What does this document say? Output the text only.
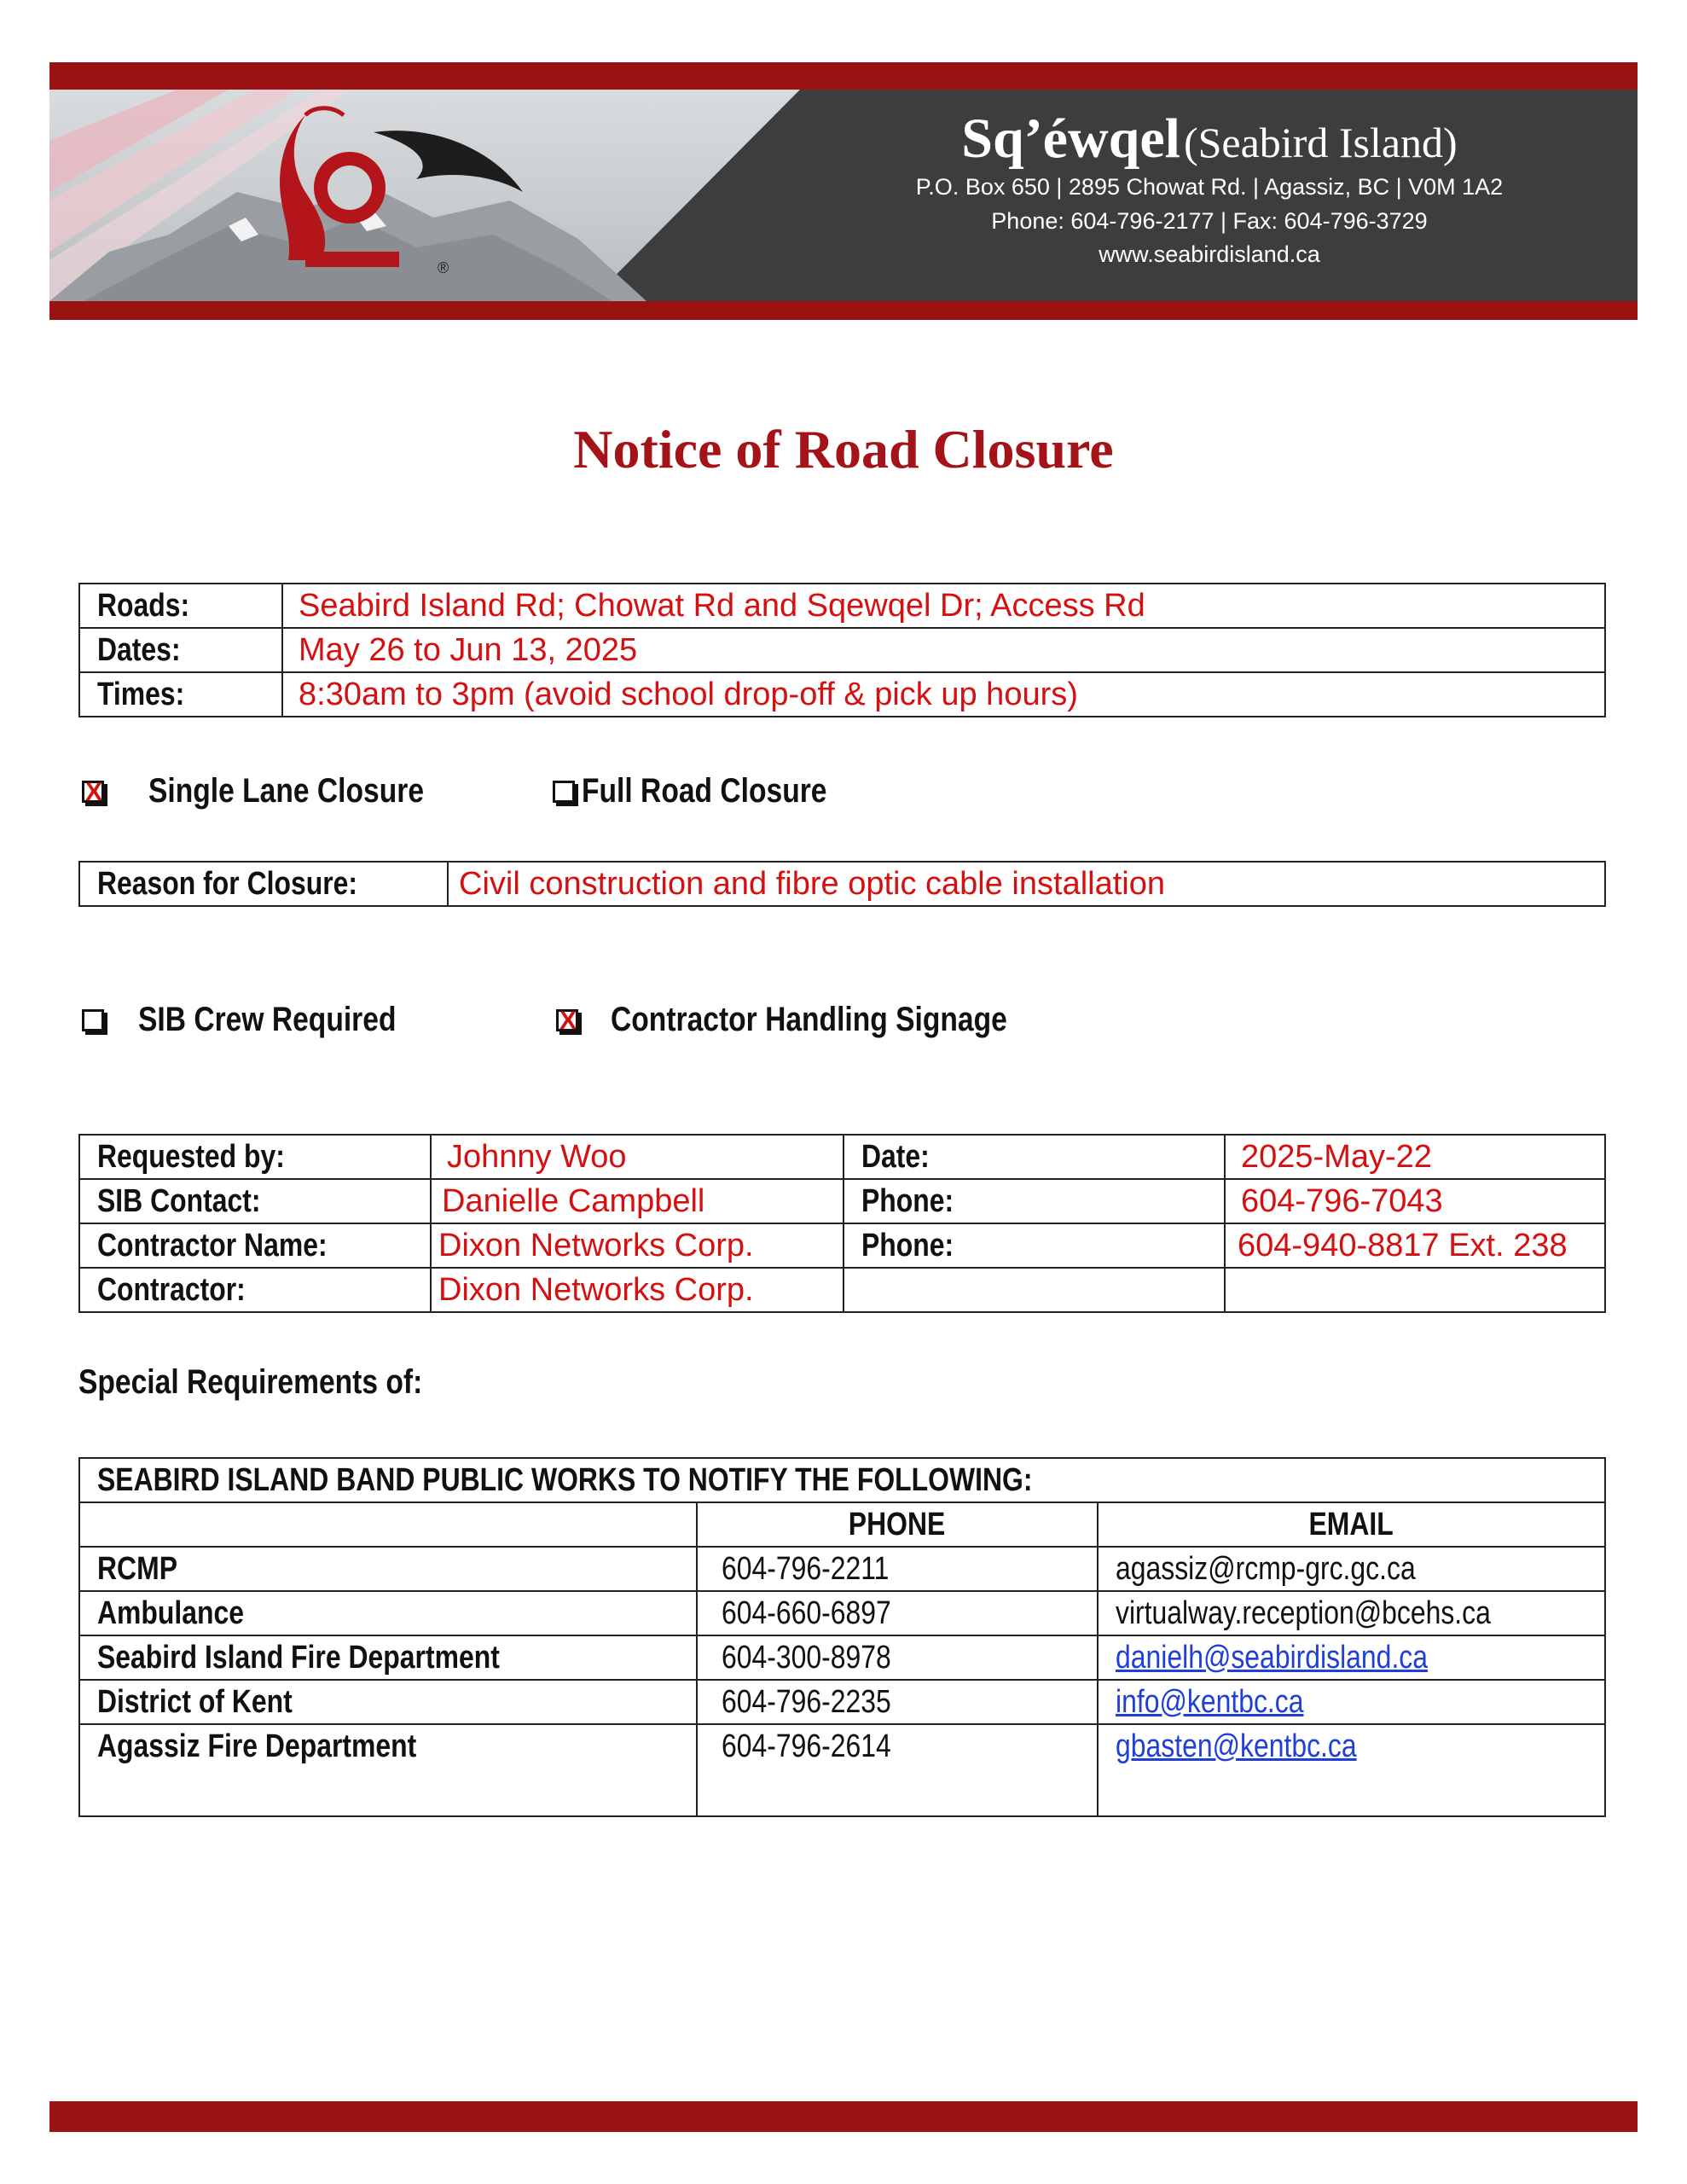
®
Sq’éwqel (Seabird Island)
P.O. Box 650 | 2895 Chowat Rd. | Agassiz, BC | V0M 1A2
Phone: 604-796-2177 | Fax: 604-796-3729
www.seabirdisland.ca
Notice of Road Closure
Roads:	Seabird Island Rd; Chowat Rd and Sqewqel Dr; Access Rd
Dates:	May 26 to Jun 13, 2025
Times:	8:30am to 3pm (avoid school drop-off & pick up hours)
X Single Lane Closure	Full Road Closure
Reason for Closure:	Civil construction and fibre optic cable installation
SIB Crew Required	X Contractor Handling Signage
Requested by:	Johnny Woo	Date:	2025-May-22
SIB Contact:	Danielle Campbell	Phone:	604-796-7043
Contractor Name:	Dixon Networks Corp.	Phone:	604-940-8817 Ext. 238
Contractor:	Dixon Networks Corp.		
Special Requirements of:
SEABIRD ISLAND BAND PUBLIC WORKS TO NOTIFY THE FOLLOWING:		
	PHONE	EMAIL
RCMP	604-796-2211	agassiz@rcmp-grc.gc.ca
Ambulance	604-660-6897	virtualway.reception@bcehs.ca
Seabird Island Fire Department	604-300-8978	danielh@seabirdisland.ca
District of Kent	604-796-2235	info@kentbc.ca
Agassiz Fire Department	604-796-2614	gbasten@kentbc.ca
